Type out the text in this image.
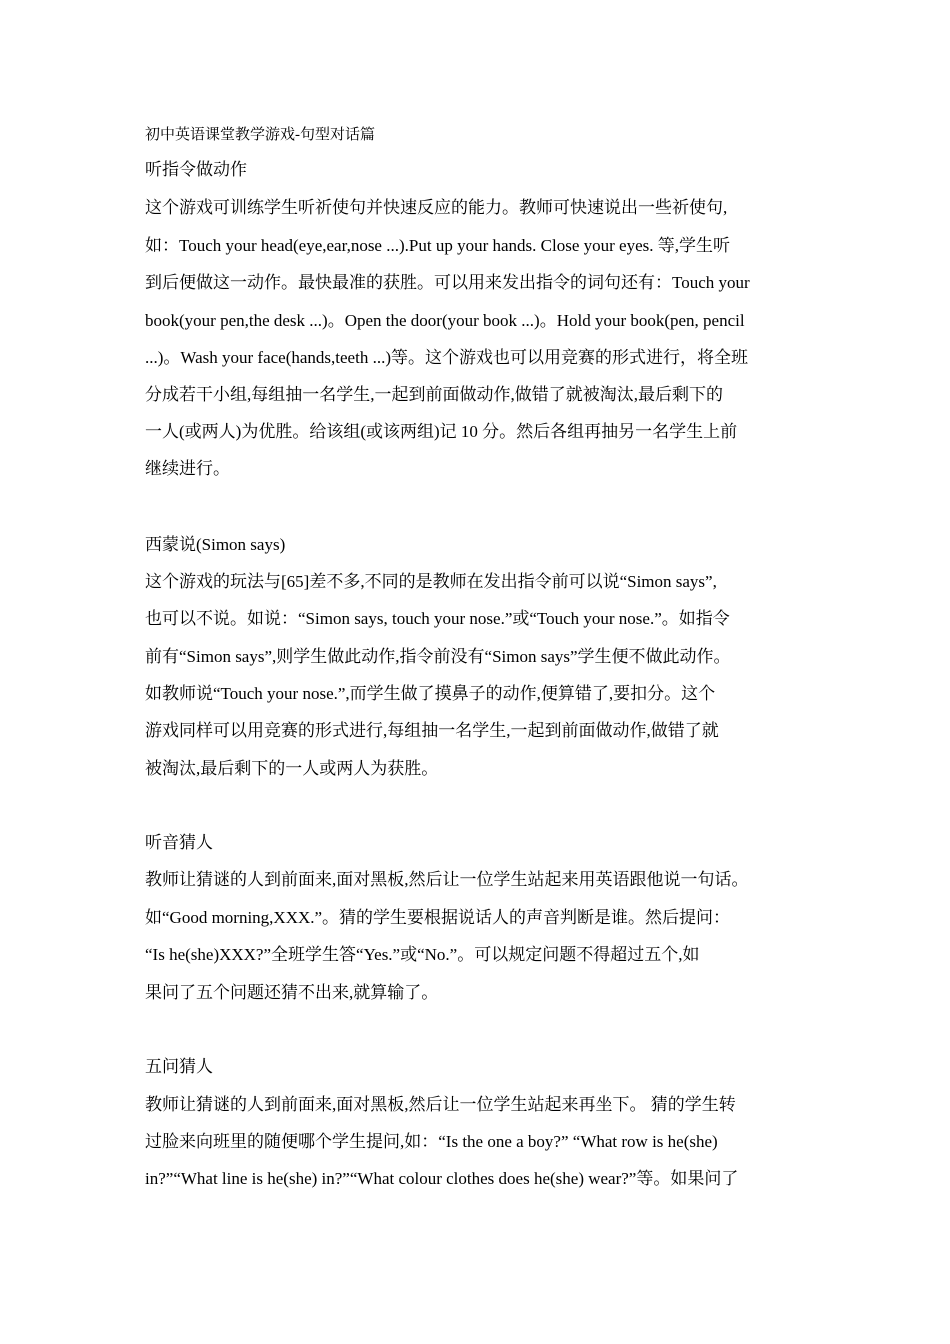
初中英语课堂教学游戏-句型对话篇
听指令做动作
这个游戏可训练学生听祈使句并快速反应的能力。教师可快速说出一些祈使句,
如：Touch your head(eye,ear,nose ...).Put up your hands. Close your eyes. 等,学生听
到后便做这一动作。最快最准的获胜。可以用来发出指令的词句还有：Touch your
book(your pen,the desk ...)。Open the door(your book ...)。Hold your book(pen, pencil
...)。Wash your face(hands,teeth ...)等。这个游戏也可以用竞赛的形式进行，将全班
分成若干小组,每组抽一名学生,一起到前面做动作,做错了就被淘汰,最后剩下的
一人(或两人)为优胜。给该组(或该两组)记 10 分。然后各组再抽另一名学生上前
继续进行。
西蒙说(Simon says)
这个游戏的玩法与[65]差不多,不同的是教师在发出指令前可以说“Simon says”,
也可以不说。如说：“Simon says, touch your nose.”或“Touch your nose.”。如指令
前有“Simon says”,则学生做此动作,指令前没有“Simon says”学生便不做此动作。
如教师说“Touch your nose.”,而学生做了摸鼻子的动作,便算错了,要扣分。这个
游戏同样可以用竞赛的形式进行,每组抽一名学生,一起到前面做动作,做错了就
被淘汰,最后剩下的一人或两人为获胜。
听音猜人
教师让猜谜的人到前面来,面对黑板,然后让一位学生站起来用英语跟他说一句话。
如“Good morning,XXX.”。猜的学生要根据说话人的声音判断是谁。然后提问：
“Is he(she)XXX?”全班学生答“Yes.”或“No.”。可以规定问题不得超过五个,如
果问了五个问题还猜不出来,就算输了。
五问猜人
教师让猜谜的人到前面来,面对黑板,然后让一位学生站起来再坐下。 猜的学生转
过脸来向班里的随便哪个学生提问,如：“Is the one a boy?” “What row is he(she)
in?”“What line is he(she) in?”“What colour clothes does he(she) wear?”等。如果问了
